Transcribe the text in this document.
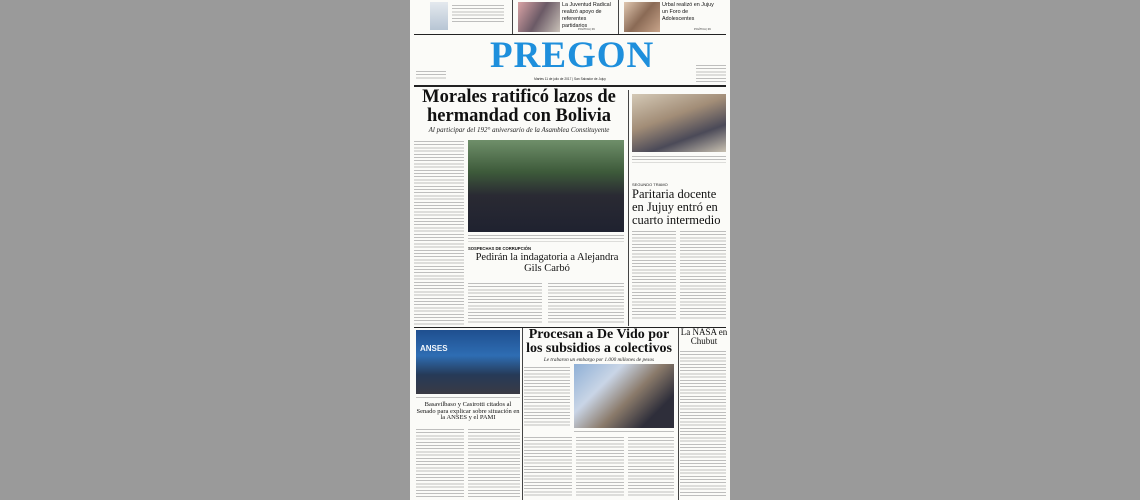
La Juventud Radical realizó apoyo de referentes partidarios
POLÍTICA | 09
Urbal realizó en Jujuy un Foro de Adolescentes
POLÍTICA | 09
PREGON
Martes 11 de julio de 2017 | San Salvador de Jujuy
Morales ratificó lazos de hermandad con Bolivia
Al participar del 192° aniversario de la Asamblea Constituyente
SOSPECHAS DE CORRUPCIÓN
Pedirán la indagatoria a Alejandra Gils Carbó
SEGUNDO TRAMO
Paritaria docente en Jujuy entró en cuarto intermedio
ANSES
Basavilbaso y Casirotti citados al Senado para explicar sobre situación en la ANSES y el PAMI
Procesan a De Vido por los subsidios a colectivos
Le trabaron un embargo por 1.000 millones de pesos
La NASA en Chubut
